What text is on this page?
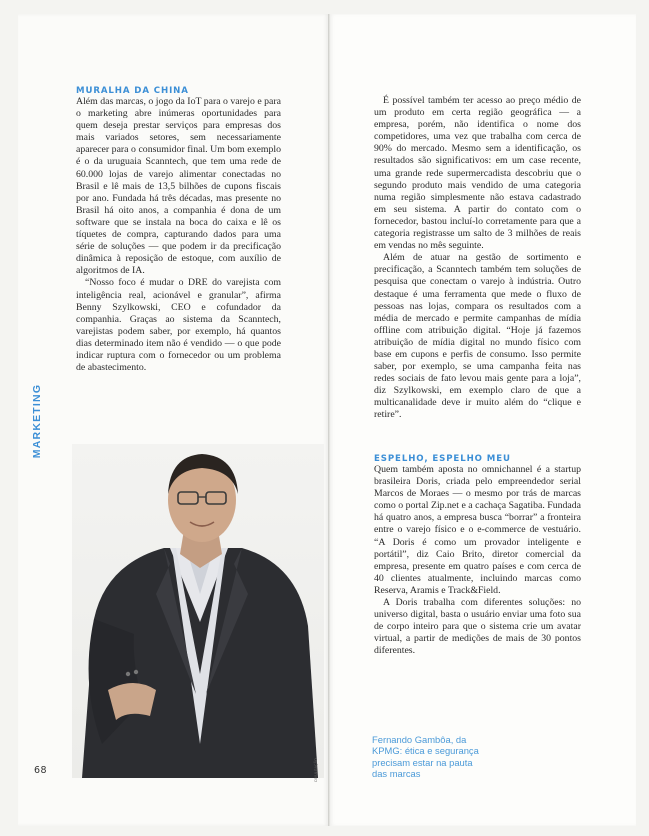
MARKETING
MURALHA DA CHINA

Além das marcas, o jogo da IoT para o varejo e para o marketing abre inúmeras oportunidades para quem deseja prestar serviços para empresas dos mais variados setores, sem necessariamente aparecer para o consumidor final. Um bom exemplo é o da uruguaia Scanntech, que tem uma rede de 60.000 lojas de varejo alimentar conectadas no Brasil e lê mais de 13,5 bilhões de cupons fiscais por ano. Fundada há três décadas, mas presente no Brasil há oito anos, a companhia é dona de um software que se instala na boca do caixa e lê os tíquetes de compra, capturando dados para uma série de soluções — que podem ir da precificação dinâmica à reposição de estoque, com auxílio de algoritmos de IA.

“Nosso foco é mudar o DRE do varejista com inteligência real, acionável e granular”, afirma Benny Szylkowski, CEO e cofundador da companhia. Graças ao sistema da Scanntech, varejistas podem saber, por exemplo, há quantos dias determinado item não é vendido — o que pode indicar ruptura com o fornecedor ou um problema de abastecimento.

DIVULGAÇÃO
68

É possível também ter acesso ao preço médio de um produto em certa região geográfica — a empresa, porém, não identifica o nome dos competidores, uma vez que trabalha com cerca de 90% do mercado. Mesmo sem a identificação, os resultados são significativos: em um case recente, uma grande rede supermercadista descobriu que o segundo produto mais vendido de uma categoria numa região simplesmente não estava cadastrado em seu sistema. A partir do contato com o fornecedor, bastou incluí-lo corretamente para que a categoria registrasse um salto de 3 milhões de reais em vendas no mês seguinte.

Além de atuar na gestão de sortimento e precificação, a Scanntech também tem soluções de pesquisa que conectam o varejo à indústria. Outro destaque é uma ferramenta que mede o fluxo de pessoas nas lojas, compara os resultados com a média de mercado e permite campanhas de mídia offline com atribuição digital. “Hoje já fazemos atribuição de mídia digital no mundo físico com base em cupons e perfis de consumo. Isso permite saber, por exemplo, se uma campanha feita nas redes sociais de fato levou mais gente para a loja”, diz Szylkowski, em exemplo claro de que a multicanalidade deve ir muito além do “clique e retire”.

ESPELHO, ESPELHO MEU

Quem também aposta no omnichannel é a startup brasileira Doris, criada pelo empreendedor serial Marcos de Moraes — o mesmo por trás de marcas como o portal Zip.net e a cachaça Sagatiba. Fundada há quatro anos, a empresa busca “borrar” a fronteira entre o varejo físico e o e-commerce de vestuário. “A Doris é como um provador inteligente e portátil”, diz Caio Brito, diretor comercial da empresa, presente em quatro países e com cerca de 40 clientes atualmente, incluindo marcas como Reserva, Aramis e Track&Field.

A Doris trabalha com diferentes soluções: no universo digital, basta o usuário enviar uma foto sua de corpo inteiro para que o sistema crie um avatar virtual, a partir de medições de mais de 30 pontos diferentes.

Fernando Gambôa, da
KPMG: ética e segurança
precisam estar na pauta
das marcas
